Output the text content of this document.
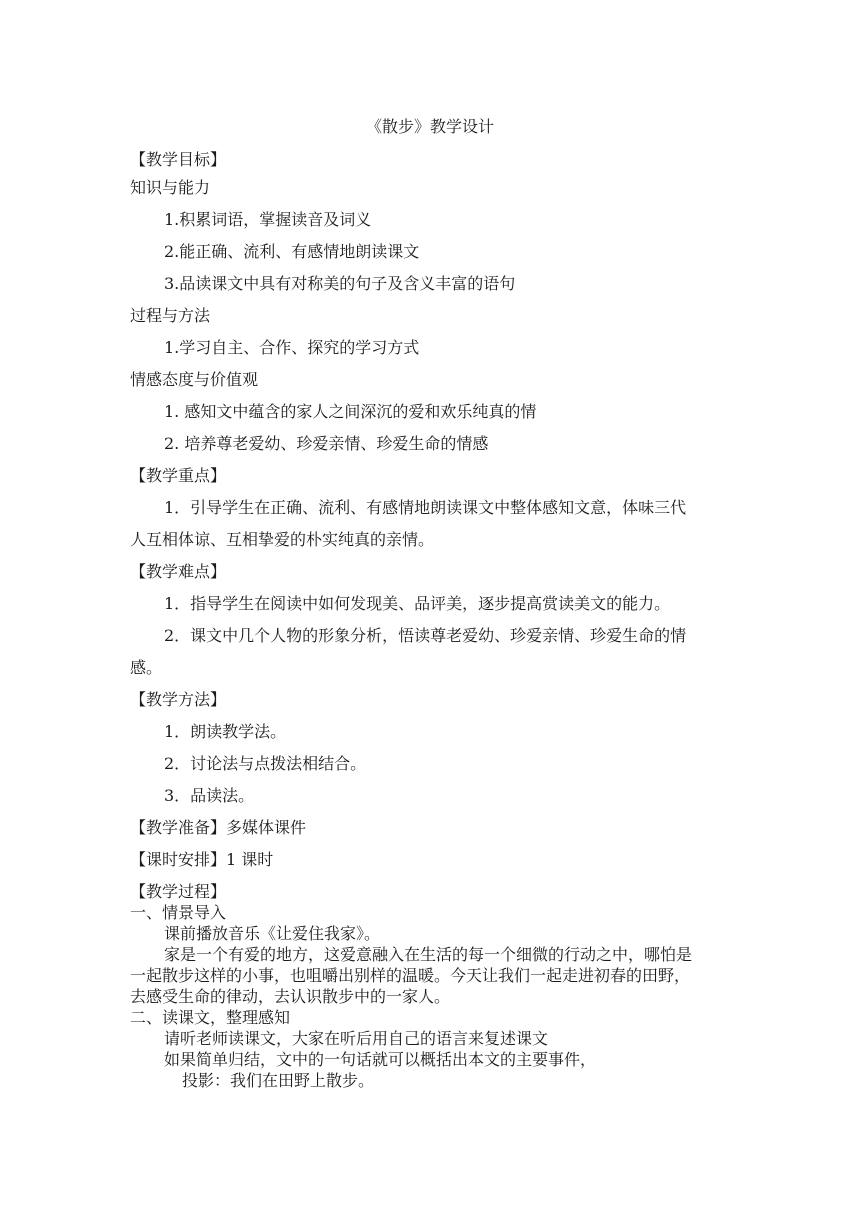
《散步》教学设计
【教学目标】
知识与能力
1.积累词语，掌握读音及词义
2.能正确、流利、有感情地朗读课文
3.品读课文中具有对称美的句子及含义丰富的语句
过程与方法
1.学习自主、合作、探究的学习方式
情感态度与价值观
1. 感知文中蕴含的家人之间深沉的爱和欢乐纯真的情
2. 培养尊老爱幼、珍爱亲情、珍爱生命的情感
【教学重点】
1．引导学生在正确、流利、有感情地朗读课文中整体感知文意，体味三代
人互相体谅、互相挚爱的朴实纯真的亲情。
【教学难点】
1．指导学生在阅读中如何发现美、品评美，逐步提高赏读美文的能力。
2．课文中几个人物的形象分析，悟读尊老爱幼、珍爱亲情、珍爱生命的情
感。
【教学方法】
1．朗读教学法。
2．讨论法与点拨法相结合。
3．品读法。
【教学准备】多媒体课件
【课时安排】1 课时
【教学过程】
一、情景导入
课前播放音乐《让爱住我家》。
家是一个有爱的地方，这爱意融入在生活的每一个细微的行动之中，哪怕是
一起散步这样的小事，也咀嚼出别样的温暖。今天让我们一起走进初春的田野，
去感受生命的律动，去认识散步中的一家人。
二、读课文，整理感知
请听老师读课文，大家在听后用自己的语言来复述课文
如果简单归结，文中的一句话就可以概括出本文的主要事件，
投影：我们在田野上散步。
